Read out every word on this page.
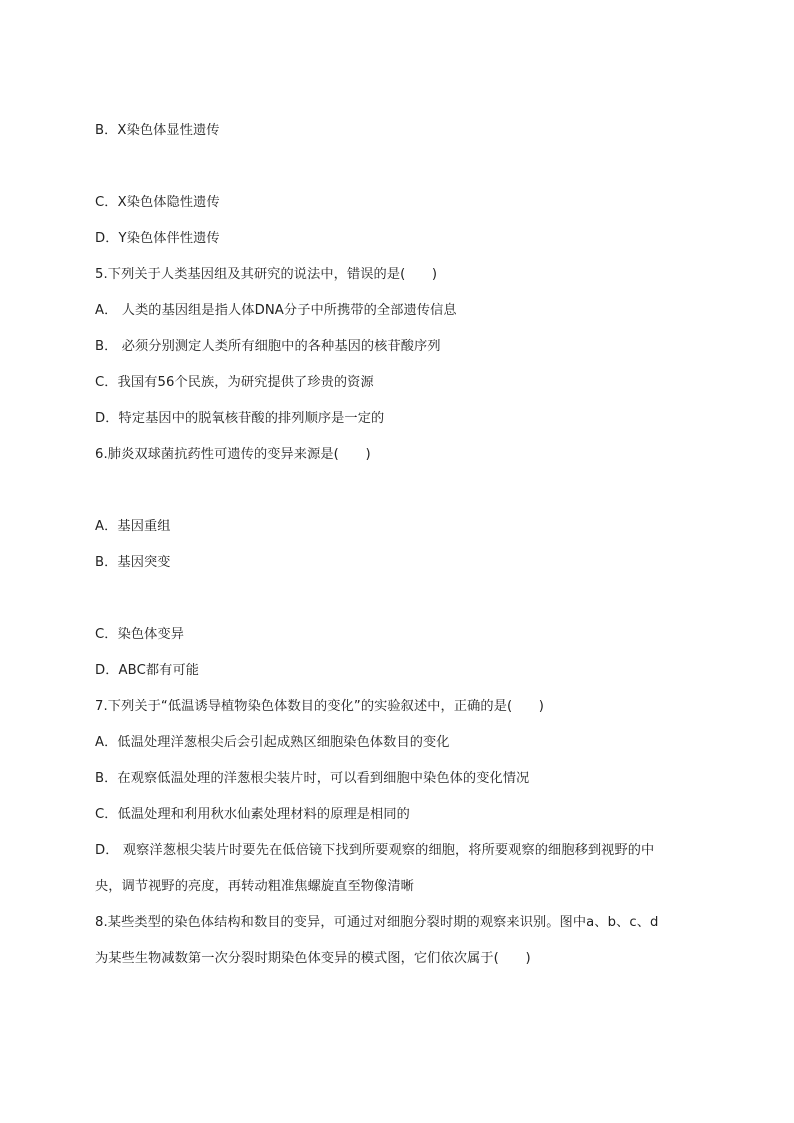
B．X染色体显性遗传
C．X染色体隐性遗传
D．Y染色体伴性遗传
5.下列关于人类基因组及其研究的说法中，错误的是(　　)
A． 人类的基因组是指人体DNA分子中所携带的全部遗传信息
B． 必须分别测定人类所有细胞中的各种基因的核苷酸序列
C．我国有56个民族，为研究提供了珍贵的资源
D．特定基因中的脱氧核苷酸的排列顺序是一定的
6.肺炎双球菌抗药性可遗传的变异来源是(　　)
A．基因重组
B．基因突变
C．染色体变异
D．ABC都有可能
7.下列关于“低温诱导植物染色体数目的变化”的实验叙述中，正确的是(　　)
A．低温处理洋葱根尖后会引起成熟区细胞染色体数目的变化
B．在观察低温处理的洋葱根尖装片时，可以看到细胞中染色体的变化情况
C．低温处理和利用秋水仙素处理材料的原理是相同的
D． 观察洋葱根尖装片时要先在低倍镜下找到所要观察的细胞，将所要观察的细胞移到视野的中
央，调节视野的亮度，再转动粗准焦螺旋直至物像清晰
8.某些类型的染色体结构和数目的变异，可通过对细胞分裂时期的观察来识别。图中a、b、c、d
为某些生物减数第一次分裂时期染色体变异的模式图，它们依次属于(　　)
